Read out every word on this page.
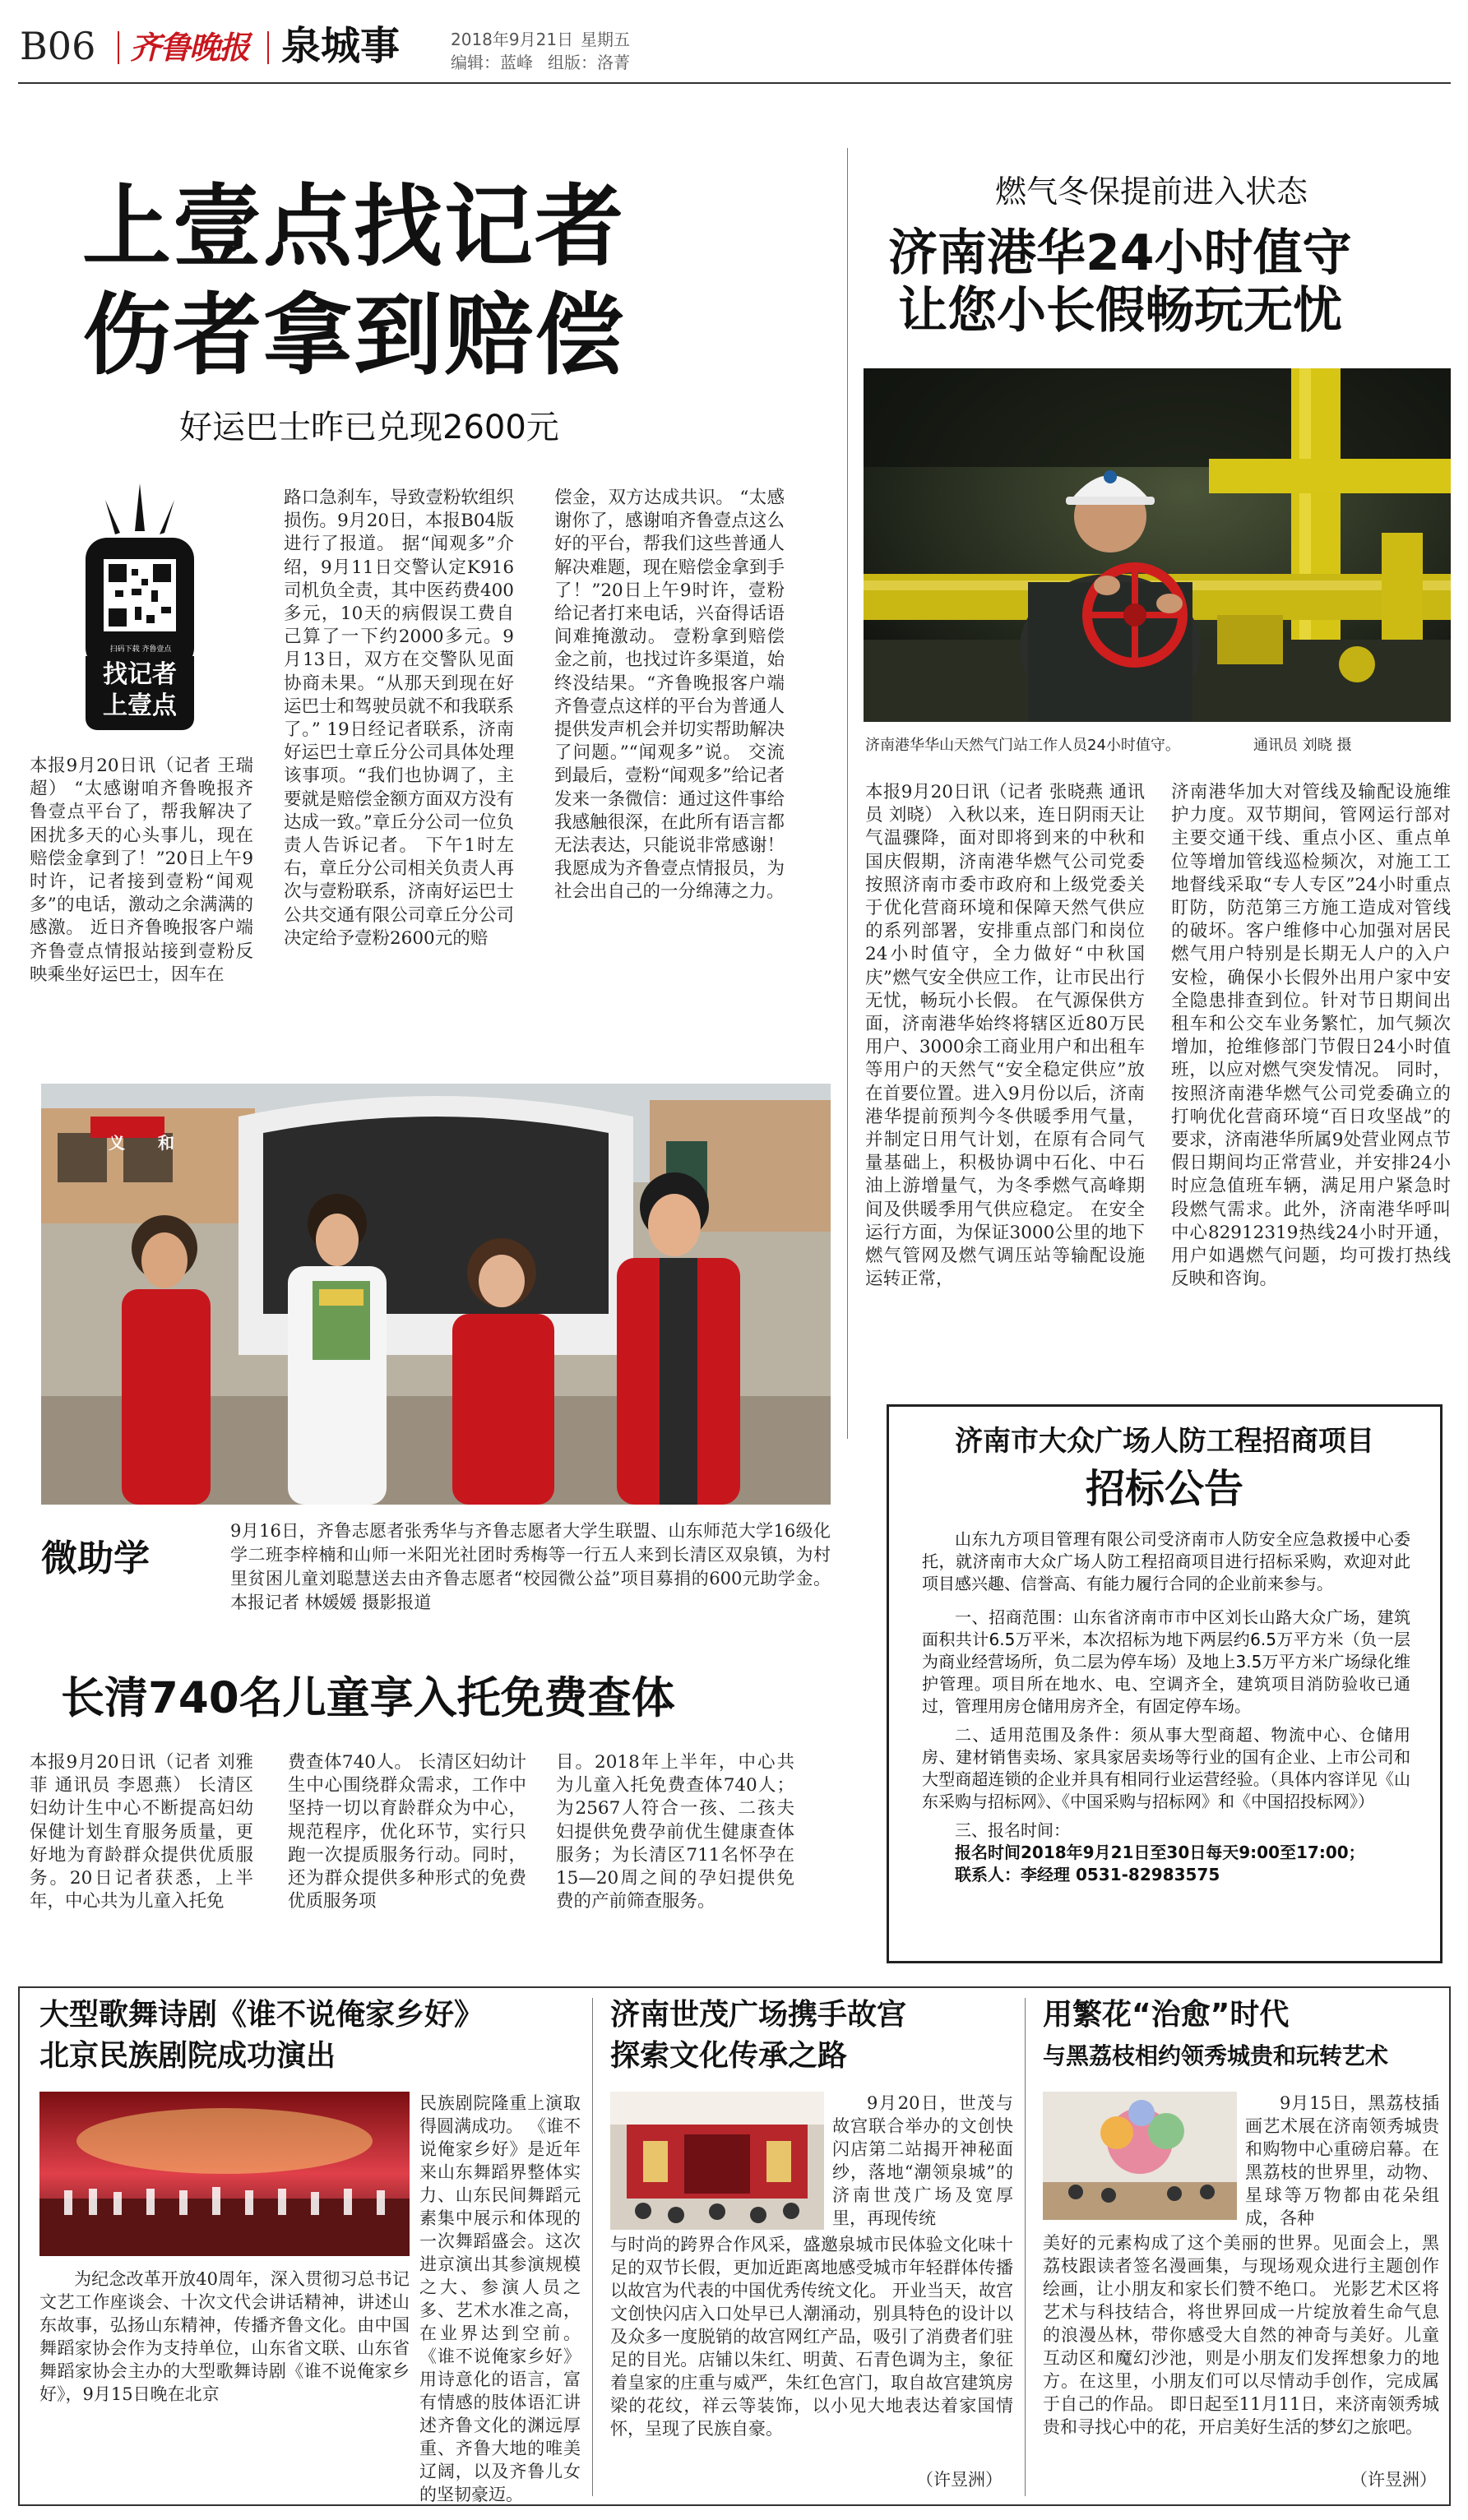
B06 齐鲁晚报 泉城事	2018年9月21日 星期五
编辑：蓝峰 组版：洛菁
上壹点找记者
伤者拿到赔偿
好运巴士昨已兑现2600元
扫码下载 齐鲁壹点
找记者
上壹点

本报9月20日讯（记者 王瑞超） “太感谢咱齐鲁晚报齐鲁壹点平台了，帮我解决了困扰多天的心头事儿，现在赔偿金拿到了！”20日上午9时许，记者接到壹粉“闻观多”的电话，激动之余满满的感激。 近日齐鲁晚报客户端齐鲁壹点情报站接到壹粉反映乘坐好运巴士，因车在

路口急刹车，导致壹粉软组织损伤。9月20日，本报B04版进行了报道。 据“闻观多”介绍，9月11日交警认定K916司机负全责，其中医药费400多元，10天的病假误工费自己算了一下约2000多元。9月13日，双方在交警队见面协商未果。“从那天到现在好运巴士和驾驶员就不和我联系了。” 19日经记者联系，济南好运巴士章丘分公司具体处理该事项。“我们也协调了，主要就是赔偿金额方面双方没有达成一致。”章丘分公司一位负责人告诉记者。 下午1时左右，章丘分公司相关负责人再次与壹粉联系，济南好运巴士公共交通有限公司章丘分公司决定给予壹粉2600元的赔

偿金，双方达成共识。 “太感谢你了，感谢咱齐鲁壹点这么好的平台，帮我们这些普通人解决难题，现在赔偿金拿到手了！”20日上午9时许，壹粉给记者打来电话，兴奋得话语间难掩激动。 壹粉拿到赔偿金之前，也找过许多渠道，始终没结果。“齐鲁晚报客户端齐鲁壹点这样的平台为普通人提供发声机会并切实帮助解决了问题。”“闻观多”说。 交流到最后，壹粉“闻观多”给记者发来一条微信：通过这件事给我感触很深，在此所有语言都无法表达，只能说非常感谢！我愿成为齐鲁壹点情报员，为社会出自己的一分绵薄之力。

燃气冬保提前进入状态
济南港华24小时值守
让您小长假畅玩无忧
济南港华华山天然气门站工作人员24小时值守。	通讯员 刘晓 摄

本报9月20日讯（记者 张晓燕 通讯员 刘晓） 入秋以来，连日阴雨天让气温骤降，面对即将到来的中秋和国庆假期，济南港华燃气公司党委按照济南市委市政府和上级党委关于优化营商环境和保障天然气供应的系列部署，安排重点部门和岗位24小时值守，全力做好“中秋国庆”燃气安全供应工作，让市民出行无忧，畅玩小长假。 在气源保供方面，济南港华始终将辖区近80万民用户、3000余工商业用户和出租车等用户的天然气“安全稳定供应”放在首要位置。进入9月份以后，济南港华提前预判今冬供暖季用气量，并制定日用气计划，在原有合同气量基础上，积极协调中石化、中石油上游增量气，为冬季燃气高峰期间及供暖季用气供应稳定。 在安全运行方面，为保证3000公里的地下燃气管网及燃气调压站等输配设施运转正常，

济南港华加大对管线及输配设施维护力度。双节期间，管网运行部对主要交通干线、重点小区、重点单位等增加管线巡检频次，对施工工地督线采取“专人专区”24小时重点盯防，防范第三方施工造成对管线的破坏。客户维修中心加强对居民燃气用户特别是长期无人户的入户安检，确保小长假外出用户家中安全隐患排查到位。针对节日期间出租车和公交车业务繁忙，加气频次增加，抢维修部门节假日24小时值班，以应对燃气突发情况。 同时，按照济南港华燃气公司党委确立的打响优化营商环境“百日攻坚战”的要求，济南港华所属9处营业网点节假日期间均正常营业，并安排24小时应急值班车辆，满足用户紧急时段燃气需求。此外，济南港华呼叫中心82912319热线24小时开通，用户如遇燃气问题，均可拨打热线反映和咨询。

义和
微助学
9月16日，齐鲁志愿者张秀华与齐鲁志愿者大学生联盟、山东师范大学16级化学二班李梓楠和山师一米阳光社团时秀梅等一行五人来到长清区双泉镇，为村里贫困儿童刘聪慧送去由齐鲁志愿者“校园微公益”项目募捐的600元助学金。 本报记者 林媛媛 摄影报道
长清740名儿童享入托免费查体

本报9月20日讯（记者 刘雅菲 通讯员 李恩燕） 长清区妇幼计生中心不断提高妇幼保健计划生育服务质量，更好地为育龄群众提供优质服务。20日记者获悉，上半年，中心共为儿童入托免

费查体740人。 长清区妇幼计生中心围绕群众需求，工作中坚持一切以育龄群众为中心，规范程序，优化环节，实行只跑一次提质服务行动。同时，还为群众提供多种形式的免费优质服务项

目。2018年上半年，中心共为儿童入托免费查体740人；为2567人符合一孩、二孩夫妇提供免费孕前优生健康查体服务；为长清区711名怀孕在15—20周之间的孕妇提供免费的产前筛查服务。

济南市大众广场人防工程招商项目
招标公告

山东九方项目管理有限公司受济南市人防安全应急救援中心委托，就济南市大众广场人防工程招商项目进行招标采购，欢迎对此项目感兴趣、信誉高、有能力履行合同的企业前来参与。

一、招商范围：山东省济南市市中区刘长山路大众广场，建筑面积共计6.5万平米，本次招标为地下两层约6.5万平方米（负一层为商业经营场所，负二层为停车场）及地上3.5万平方米广场绿化维护管理。项目所在地水、电、空调齐全，建筑项目消防验收已通过，管理用房仓储用房齐全，有固定停车场。

二、适用范围及条件：须从事大型商超、物流中心、仓储用房、建材销售卖场、家具家居卖场等行业的国有企业、上市公司和大型商超连锁的企业并具有相同行业运营经验。（具体内容详见《山东采购与招标网》、《中国采购与招标网》和《中国招投标网》）

三、报名时间：

报名时间2018年9月21日至30日每天9:00至17:00；

联系人：李经理 0531-82983575

大型歌舞诗剧《谁不说俺家乡好》
北京民族剧院成功演出

为纪念改革开放40周年，深入贯彻习总书记文艺工作座谈会、十次文代会讲话精神，讲述山东故事，弘扬山东精神，传播齐鲁文化。由中国舞蹈家协会作为支持单位，山东省文联、山东省舞蹈家协会主办的大型歌舞诗剧《谁不说俺家乡好》，9月15日晚在北京

民族剧院隆重上演取得圆满成功。 《谁不说俺家乡好》是近年来山东舞蹈界整体实力、山东民间舞蹈元素集中展示和体现的一次舞蹈盛会。这次进京演出其参演规模之大、参演人员之多、艺术水准之高，在业界达到空前。《谁不说俺家乡好》用诗意化的语言，富有情感的肢体语汇讲述齐鲁文化的渊远厚重、齐鲁大地的唯美辽阔，以及齐鲁儿女的坚韧豪迈。

济南世茂广场携手故宫
探索文化传承之路

9月20日，世茂与故宫联合举办的文创快闪店第二站揭开神秘面纱，落地“潮领泉城”的济南世茂广场及宽厚里，再现传统

与时尚的跨界合作风采，盛邀泉城市民体验文化味十足的双节长假，更加近距离地感受城市年轻群体传播以故宫为代表的中国优秀传统文化。 开业当天，故宫文创快闪店入口处早已人潮涌动，别具特色的设计以及众多一度脱销的故宫网红产品，吸引了消费者们驻足的目光。店铺以朱红、明黄、石青色调为主，象征着皇家的庄重与威严，朱红色宫门，取自故宫建筑房梁的花纹，祥云等装饰，以小见大地表达着家国情怀，呈现了民族自豪。

（许昱洲）
用繁花“治愈”时代
与黑荔枝相约领秀城贵和玩转艺术

9月15日，黑荔枝插画艺术展在济南领秀城贵和购物中心重磅启幕。在黑荔枝的世界里，动物、星球等万物都由花朵组成，各种

美好的元素构成了这个美丽的世界。见面会上，黑荔枝跟读者签名漫画集，与现场观众进行主题创作绘画，让小朋友和家长们赞不绝口。 光影艺术区将艺术与科技结合，将世界回成一片绽放着生命气息的浪漫丛林，带你感受大自然的神奇与美好。儿童互动区和魔幻沙池，则是小朋友们发挥想象力的地方。在这里，小朋友们可以尽情动手创作，完成属于自己的作品。 即日起至11月11日，来济南领秀城贵和寻找心中的花，开启美好生活的梦幻之旅吧。

（许昱洲）
